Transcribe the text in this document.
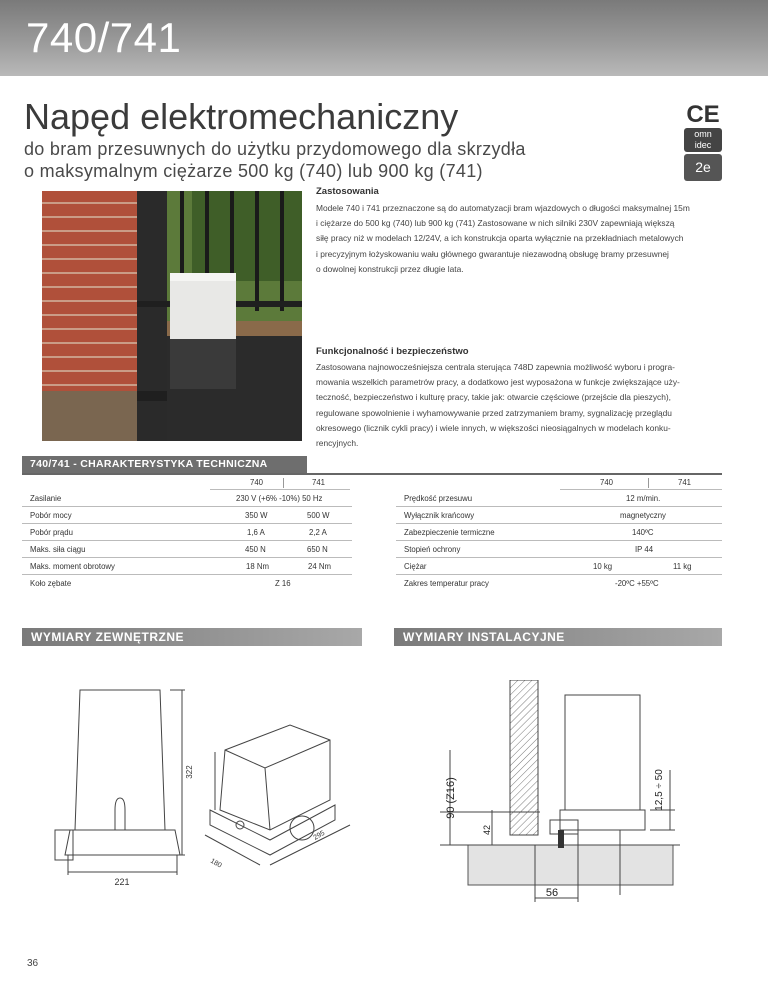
740/741
Napęd elektromechaniczny
do bram przesuwnych do użytku przydomowego dla skrzydła
o maksymalnym ciężarze 500 kg (740) lub 900 kg (741)
CE
omn
idec
2e
Zastosowania
Modele 740 i 741 przeznaczone są do automatyzacji bram wjazdowych o długości maksymalnej 15m
i ciężarze do 500 kg (740) lub 900 kg (741) Zastosowane w nich silniki 230V zapewniają większą
siłę pracy niż w modelach 12/24V, a ich konstrukcja oparta wyłącznie na przekładniach metalowych
i precyzyjnym łożyskowaniu wału głównego gwarantuje niezawodną obsługę bramy przesuwnej
o dowolnej konstrukcji przez długie lata.
Funkcjonalność i bezpieczeństwo
Zastosowana najnowocześniejsza centrala sterująca 748D zapewnia możliwość wyboru i progra-
mowania wszelkich parametrów pracy, a dodatkowo jest wyposażona w funkcje zwiększające uży-
teczność, bezpieczeństwo i kulturę pracy, takie jak: otwarcie częściowe (przejście dla pieszych),
regulowane spowolnienie i wyhamowywanie przed zatrzymaniem bramy, sygnalizację przeglądu
okresowego (licznik cykli pracy) i wiele innych, w większości nieosiągalnych w modelach konku-
rencyjnych.
740/741 - CHARAKTERYSTYKA TECHNICZNA
740	741	740	741
Zasilanie	230 V (+6% -10%) 50 Hz
Pobór mocy	350 W	500 W
Pobór prądu	1,6 A	2,2 A
Maks. siła ciągu	450 N	650 N
Maks. moment obrotowy	18 Nm	24 Nm
Koło zębate	Z 16
Prędkość przesuwu	12 m/min.
Wyłącznik krańcowy	magnetyczny
Zabezpieczenie termiczne	140ºC
Stopień ochrony	IP 44
Ciężar	10 kg	11 kg
Zakres temperatur pracy	-20ºC +55ºC
WYMIARY ZEWNĘTRZNE	WYMIARY INSTALACYJNE
221
322
180
295
90 (Z16)
42
56
12,5 ÷ 50
36
